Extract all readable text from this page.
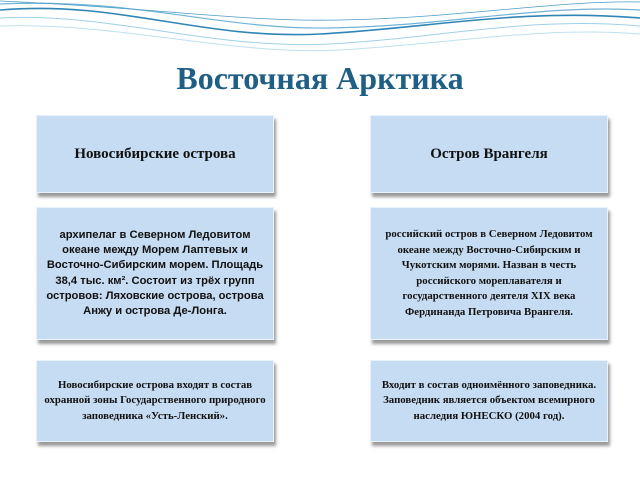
Восточная Арктика
Новосибирские острова	Остров Врангеля
архипелаг в Северном Ледовитом океане между Морем Лаптевых и Восточно-Сибирским морем. Площадь 38,4 тыс. км². Состоит из трёх групп островов: Ляховские острова, острова Анжу и острова Де-Лонга.
российский остров в Северном Ледовитом океане между Восточно-Сибирским и Чукотским морями. Назван в честь российского мореплавателя и государственного деятеля XIX века Фердинанда Петровича Врангеля.
Новосибирские острова входят в состав охранной зоны Государственного природного заповедника «Усть-Ленский».
Входит в состав одноимённого заповедника. Заповедник является объектом всемирного наследия ЮНЕСКО (2004 год).
